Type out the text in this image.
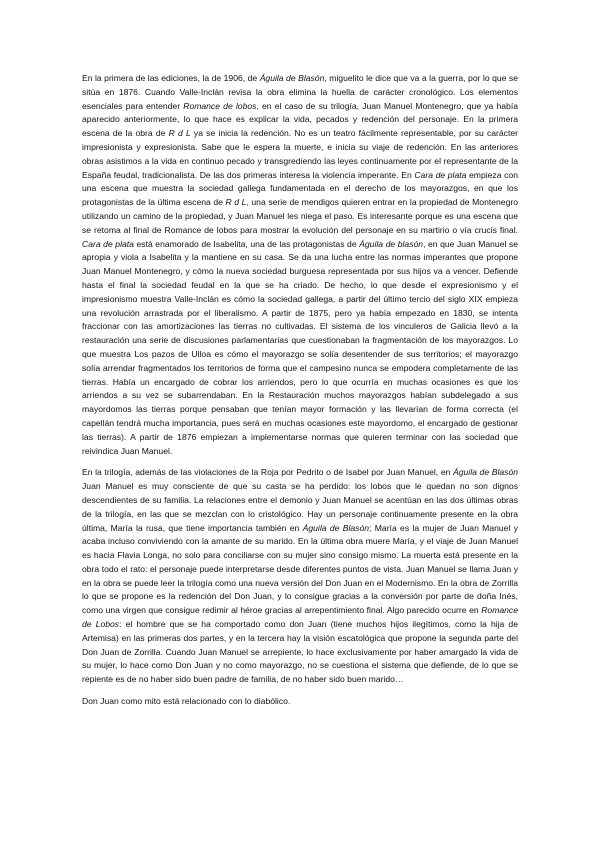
En la primera de las ediciones, la de 1906, de Águila de Blasón, miguelito le dice que va a la guerra, por lo que se sitúa en 1876. Cuando Valle-Inclán revisa la obra elimina la huella de carácter cronológico. Los elementos esenciales para entender Romance de lobos, en el caso de su trilogía, Juan Manuel Montenegro, que ya había aparecido anteriormente, lo que hace es explicar la vida, pecados y redención del personaje. En la primera escena de la obra de R d L ya se inicia la redención. No es un teatro fácilmente representable, por su carácter impresionista y expresionista. Sabe que le espera la muerte, e inicia su viaje de redención. En las anteriores obras asistimos a la vida en continuo pecado y transgrediendo las leyes continuamente por el representante de la España feudal, tradicionalista. De las dos primeras interesa la violencia imperante. En Cara de plata empieza con una escena que muestra la sociedad gallega fundamentada en el derecho de los mayorazgos, en que los protagonistas de la última escena de R d L, una serie de mendigos quieren entrar en la propiedad de Montenegro utilizando un camino de la propiedad, y Juan Manuel les niega el paso. Es interesante porque es una escena que se retoma al final de Romance de lobos para mostrar la evolución del personaje en su martirio o vía crucis final. Cara de plata está enamorado de Isabelita, una de las protagonistas de Águila de blasón, en que Juan Manuel se apropia y viola a Isabelita y la mantiene en su casa. Se da una lucha entre las normas imperantes que propone Juan Manuel Montenegro, y cómo la nueva sociedad burguesa representada por sus hijos va a vencer. Defiende hasta el final la sociedad feudal en la que se ha criado. De hecho, lo que desde el expresionismo y el impresionismo muestra Valle-Inclán es cómo la sociedad gallega, a partir del último tercio del siglo XIX empieza una revolución arrastrada por el liberalismo. A partir de 1875, pero ya había empezado en 1830, se intenta fraccionar con las amortizaciones las tierras no cultivadas. El sistema de los vinculeros de Galicia llevó a la restauración una serie de discusiones parlamentarias que cuestionaban la fragmentación de los mayorazgos. Lo que muestra Los pazos de Ulloa es cómo el mayorazgo se solía desentender de sus territorios; el mayorazgo solía arrendar fragmentados los territorios de forma que el campesino nunca se empodera completamente de las tierras. Había un encargado de cobrar los arriendos, pero lo que ocurría en muchas ocasiones es que los arriendos a su vez se subarrendaban. En la Restauración muchos mayorazgos habían subdelegado a sus mayordomos las tierras porque pensaban que tenían mayor formación y las llevarían de forma correcta (el capellán tendrá mucha importancia, pues será en muchas ocasiones este mayordomo, el encargado de gestionar las tierras). A partir de 1876 empiezan a implementarse normas que quieren terminar con las sociedad que reivindica Juan Manuel.

En la trilogía, además de las violaciones de la Roja por Pedrito o de Isabel por Juan Manuel, en Águila de Blasón Juan Manuel es muy consciente de que su casta se ha perdido: los lobos que le quedan no son dignos descendientes de su familia. La relaciones entre el demonio y Juan Manuel se acentúan en las dos últimas obras de la trilogía, en las que se mezclan con lo cristológico. Hay un personaje continuamente presente en la obra última, María la rusa, que tiene importancia también en Águila de Blasón; María es la mujer de Juan Manuel y acaba incluso conviviendo con la amante de su marido. En la última obra muere María, y el viaje de Juan Manuel es hacia Flavia Longa, no solo para conciliarse con su mujer sino consigo mismo. La muerta está presente en la obra todo el rato: el personaje puede interpretarse desde diferentes puntos de vista. Juan Manuel se llama Juan y en la obra se puede leer la trilogía como una nueva versión del Don Juan en el Modernismo. En la obra de Zorrilla lo que se propone es la redención del Don Juan, y lo consigue gracias a la conversión por parte de doña Inés, como una virgen que consigue redimir al héroe gracias al arrepentimiento final. Algo parecido ocurre en Romance de Lobos: el hombre que se ha comportado como don Juan (tiene muchos hijos ilegítimos, como la hija de Artemisa) en las primeras dos partes, y en la tercera hay la visión escatológica que propone la segunda parte del Don Juan de Zorrilla. Cuando Juan Manuel se arrepiente, lo hace exclusivamente por haber amargado la vida de su mujer, lo hace como Don Juan y no como mayorazgo, no se cuestiona el sistema que defiende, de lo que se repiente es de no haber sido buen padre de familia, de no haber sido buen marido…

Don Juan como mito está relacionado con lo diabólico.
